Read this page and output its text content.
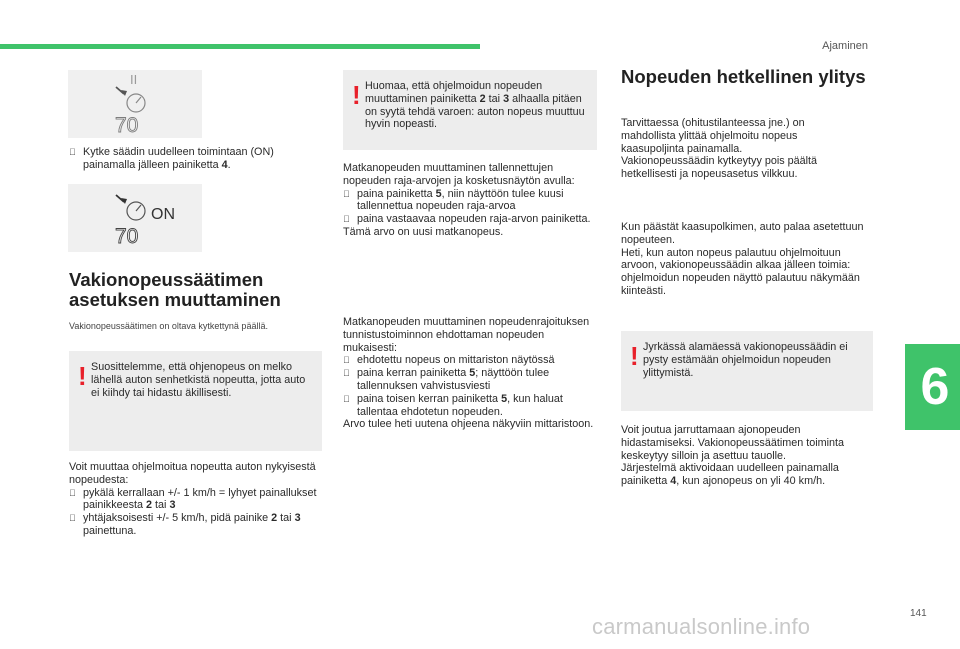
Ajaminen
6
141
II
70
Kytke säädin uudelleen toimintaan (ON) painamalla jälleen painiketta 4.
ON
70
Vakionopeussäätimen
asetuksen muuttaminen
Vakionopeussäätimen on oltava kytkettynä päällä.
! Suosittelemme, että ohjenopeus on melko lähellä auton senhetkistä nopeutta, jotta auto ei kiihdy tai hidastu äkillisesti.

Voit muuttaa ohjelmoitua nopeutta auton nykyisestä nopeudesta:

pykälä kerrallaan +/- 1 km/h = lyhyet painallukset painikkeesta 2 tai 3

yhtäjaksoisesti +/- 5 km/h, pidä painike 2 tai 3 painettuna.

! Huomaa, että ohjelmoidun nopeuden muuttaminen painiketta 2 tai 3 alhaalla pitäen on syytä tehdä varoen: auton nopeus muuttuu hyvin nopeasti.

Matkanopeuden muuttaminen tallennettujen nopeuden raja-arvojen ja kosketusnäytön avulla:

paina painiketta 5, niin näyttöön tulee kuusi tallennettua nopeuden raja-arvoa

paina vastaavaa nopeuden raja-arvon painiketta.

Tämä arvo on uusi matkanopeus.

Matkanopeuden muuttaminen nopeudenrajoituksen tunnistustoiminnon ehdottaman nopeuden mukaisesti:

ehdotettu nopeus on mittariston näytössä

paina kerran painiketta 5; näyttöön tulee tallennuksen vahvistusviesti

paina toisen kerran painiketta 5, kun haluat tallentaa ehdotetun nopeuden.

Arvo tulee heti uutena ohjeena näkyviin mittaristoon.

Nopeuden hetkellinen ylitys

Tarvittaessa (ohitustilanteessa jne.) on mahdollista ylittää ohjelmoitu nopeus kaasupoljinta painamalla.

Vakionopeussäädin kytkeytyy pois päältä hetkellisesti ja nopeusasetus vilkkuu.

Kun päästät kaasupolkimen, auto palaa asetettuun nopeuteen.

Heti, kun auton nopeus palautuu ohjelmoituun arvoon, vakionopeussäädin alkaa jälleen toimia: ohjelmoidun nopeuden näyttö palautuu näkymään kiinteästi.

! Jyrkässä alamäessä vakionopeussäädin ei pysty estämään ohjelmoidun nopeuden ylittymistä.

Voit joutua jarruttamaan ajonopeuden hidastamiseksi. Vakionopeussäätimen toiminta keskeytyy silloin ja asettuu tauolle.

Järjestelmä aktivoidaan uudelleen painamalla painiketta 4, kun ajonopeus on yli 40 km/h.

carmanualsonline.info
